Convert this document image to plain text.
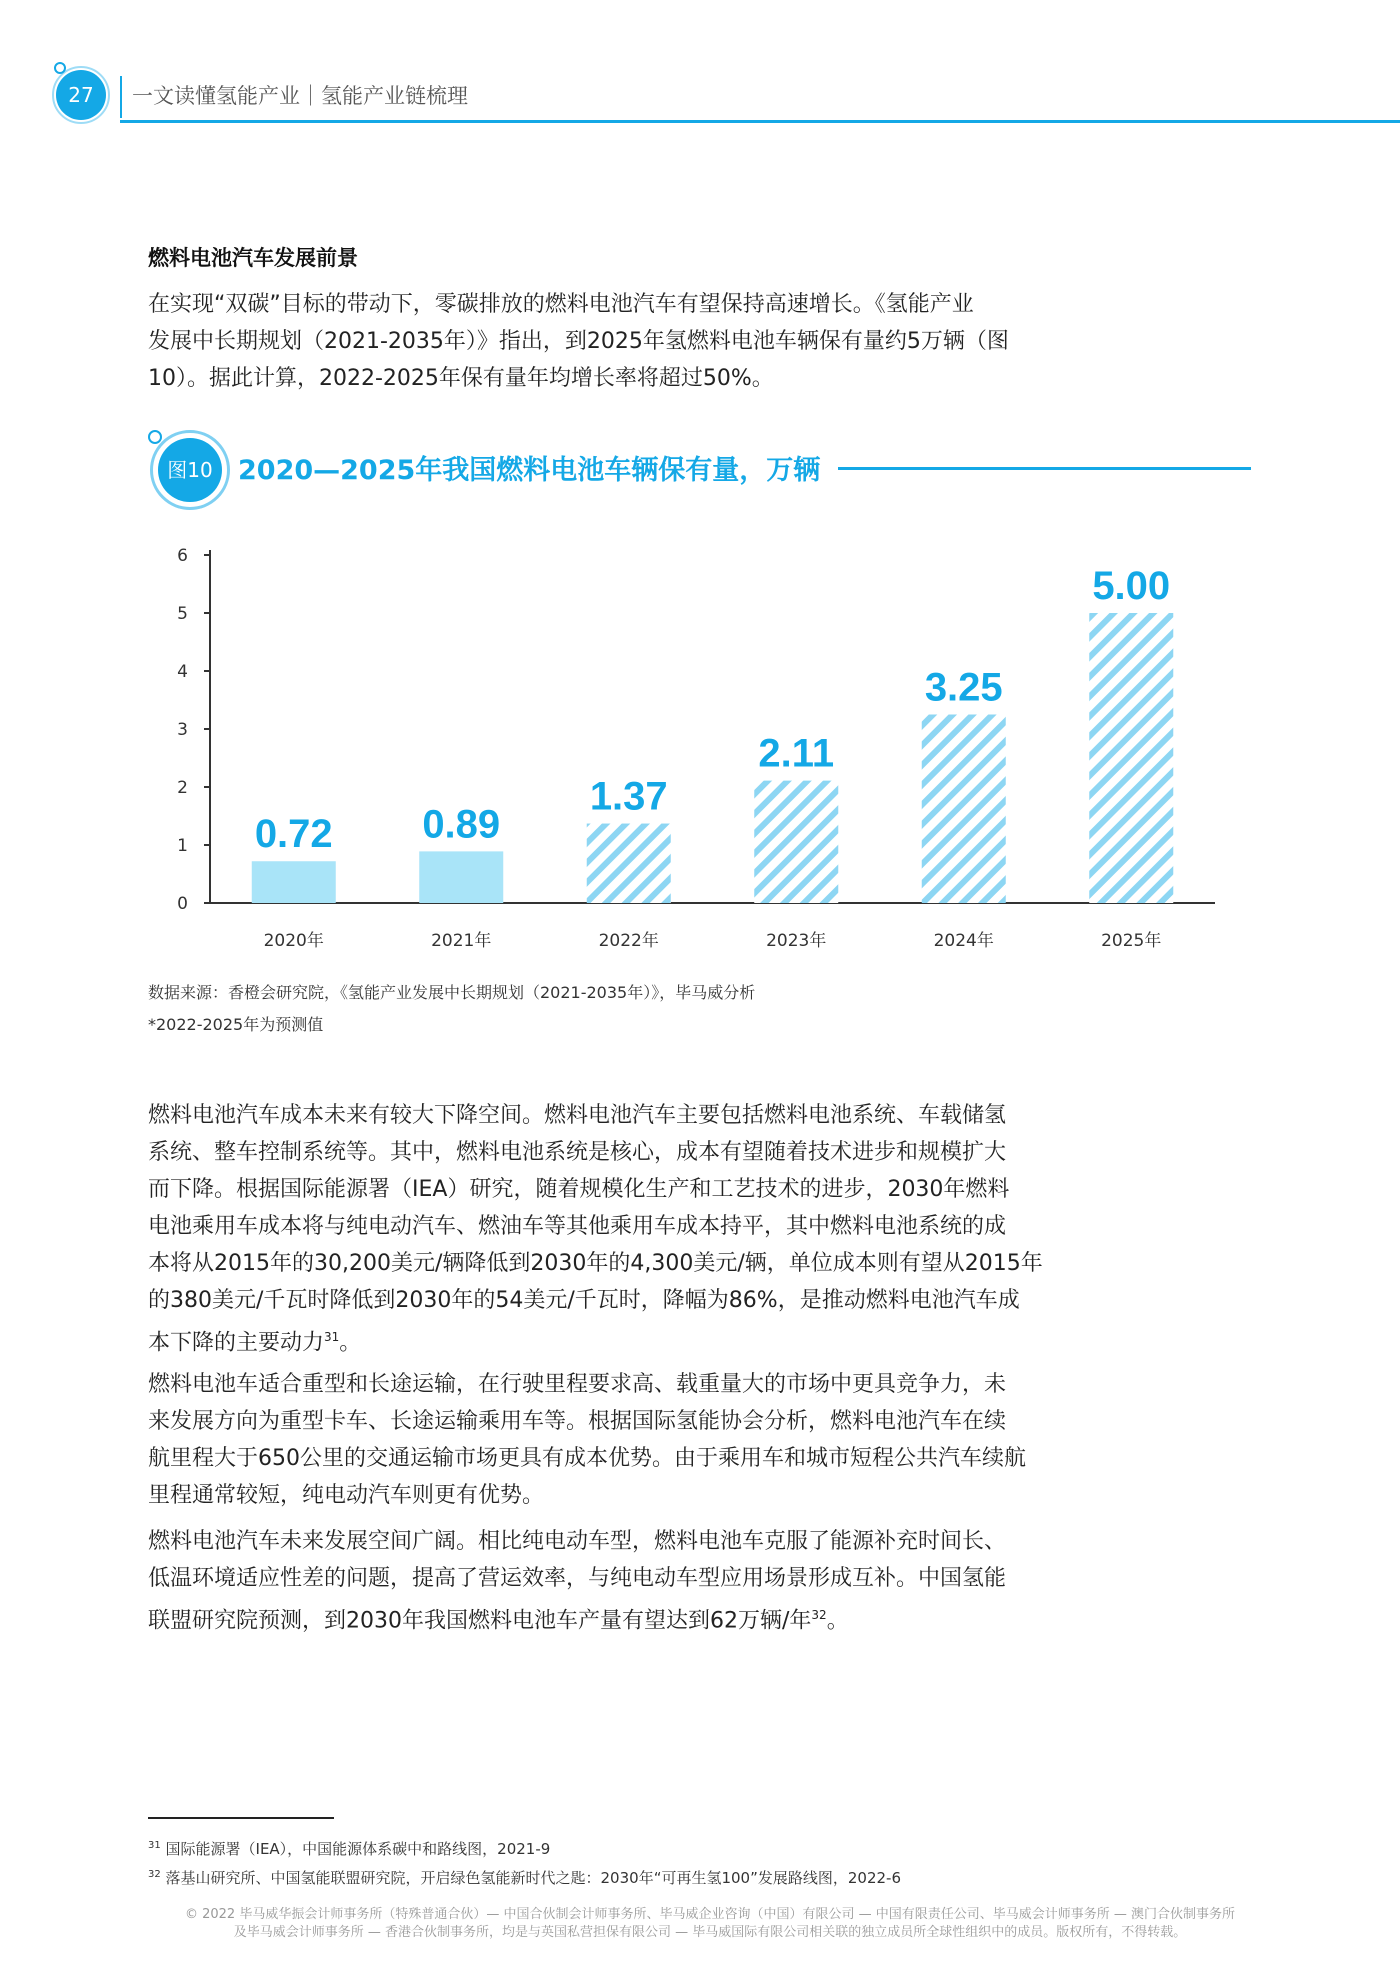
27	一文读懂氢能产业｜氢能产业链梳理
燃料电池汽车发展前景
在实现“双碳”目标的带动下，零碳排放的燃料电池汽车有望保持高速增长。《氢能产业
发展中长期规划（2021-2035年）》指出，到2025年氢燃料电池车辆保有量约5万辆（图
10）。据此计算，2022-2025年保有量年均增长率将超过50%。
图10 2020—2025年我国燃料电池车辆保有量，万辆
0
1
2
3
4
5
6
0.72
2020年
0.89
2021年
1.37
2022年
2.11
2023年
3.25
2024年
5.00
2025年
数据来源：香橙会研究院，《氢能产业发展中长期规划（2021-2035年）》，毕马威分析
*2022-2025年为预测值
燃料电池汽车成本未来有较大下降空间。燃料电池汽车主要包括燃料电池系统、车载储氢
系统、整车控制系统等。其中，燃料电池系统是核心，成本有望随着技术进步和规模扩大
而下降。根据国际能源署（IEA）研究，随着规模化生产和工艺技术的进步，2030年燃料
电池乘用车成本将与纯电动汽车、燃油车等其他乘用车成本持平，其中燃料电池系统的成
本将从2015年的30,200美元/辆降低到2030年的4,300美元/辆，单位成本则有望从2015年
的380美元/千瓦时降低到2030年的54美元/千瓦时，降幅为86%，是推动燃料电池汽车成
本下降的主要动力$^{31}$。
燃料电池车适合重型和长途运输，在行驶里程要求高、载重量大的市场中更具竞争力，未
来发展方向为重型卡车、长途运输乘用车等。根据国际氢能协会分析，燃料电池汽车在续
航里程大于650公里的交通运输市场更具有成本优势。由于乘用车和城市短程公共汽车续航
里程通常较短，纯电动汽车则更有优势。
燃料电池汽车未来发展空间广阔。相比纯电动车型，燃料电池车克服了能源补充时间长、
低温环境适应性差的问题，提高了营运效率，与纯电动车型应用场景形成互补。中国氢能
联盟研究院预测，到2030年我国燃料电池车产量有望达到62万辆/年$^{32}$。
$^{31}$ 国际能源署（IEA），中国能源体系碳中和路线图，2021-9
$^{32}$ 落基山研究所、中国氢能联盟研究院，开启绿色氢能新时代之匙：2030年“可再生氢100”发展路线图，2022-6
© 2022 毕马威华振会计师事务所（特殊普通合伙）— 中国合伙制会计师事务所、毕马威企业咨询（中国）有限公司 — 中国有限责任公司、毕马威会计师事务所 — 澳门合伙制事务所
及毕马威会计师事务所 — 香港合伙制事务所，均是与英国私营担保有限公司 — 毕马威国际有限公司相关联的独立成员所全球性组织中的成员。版权所有，不得转载。
